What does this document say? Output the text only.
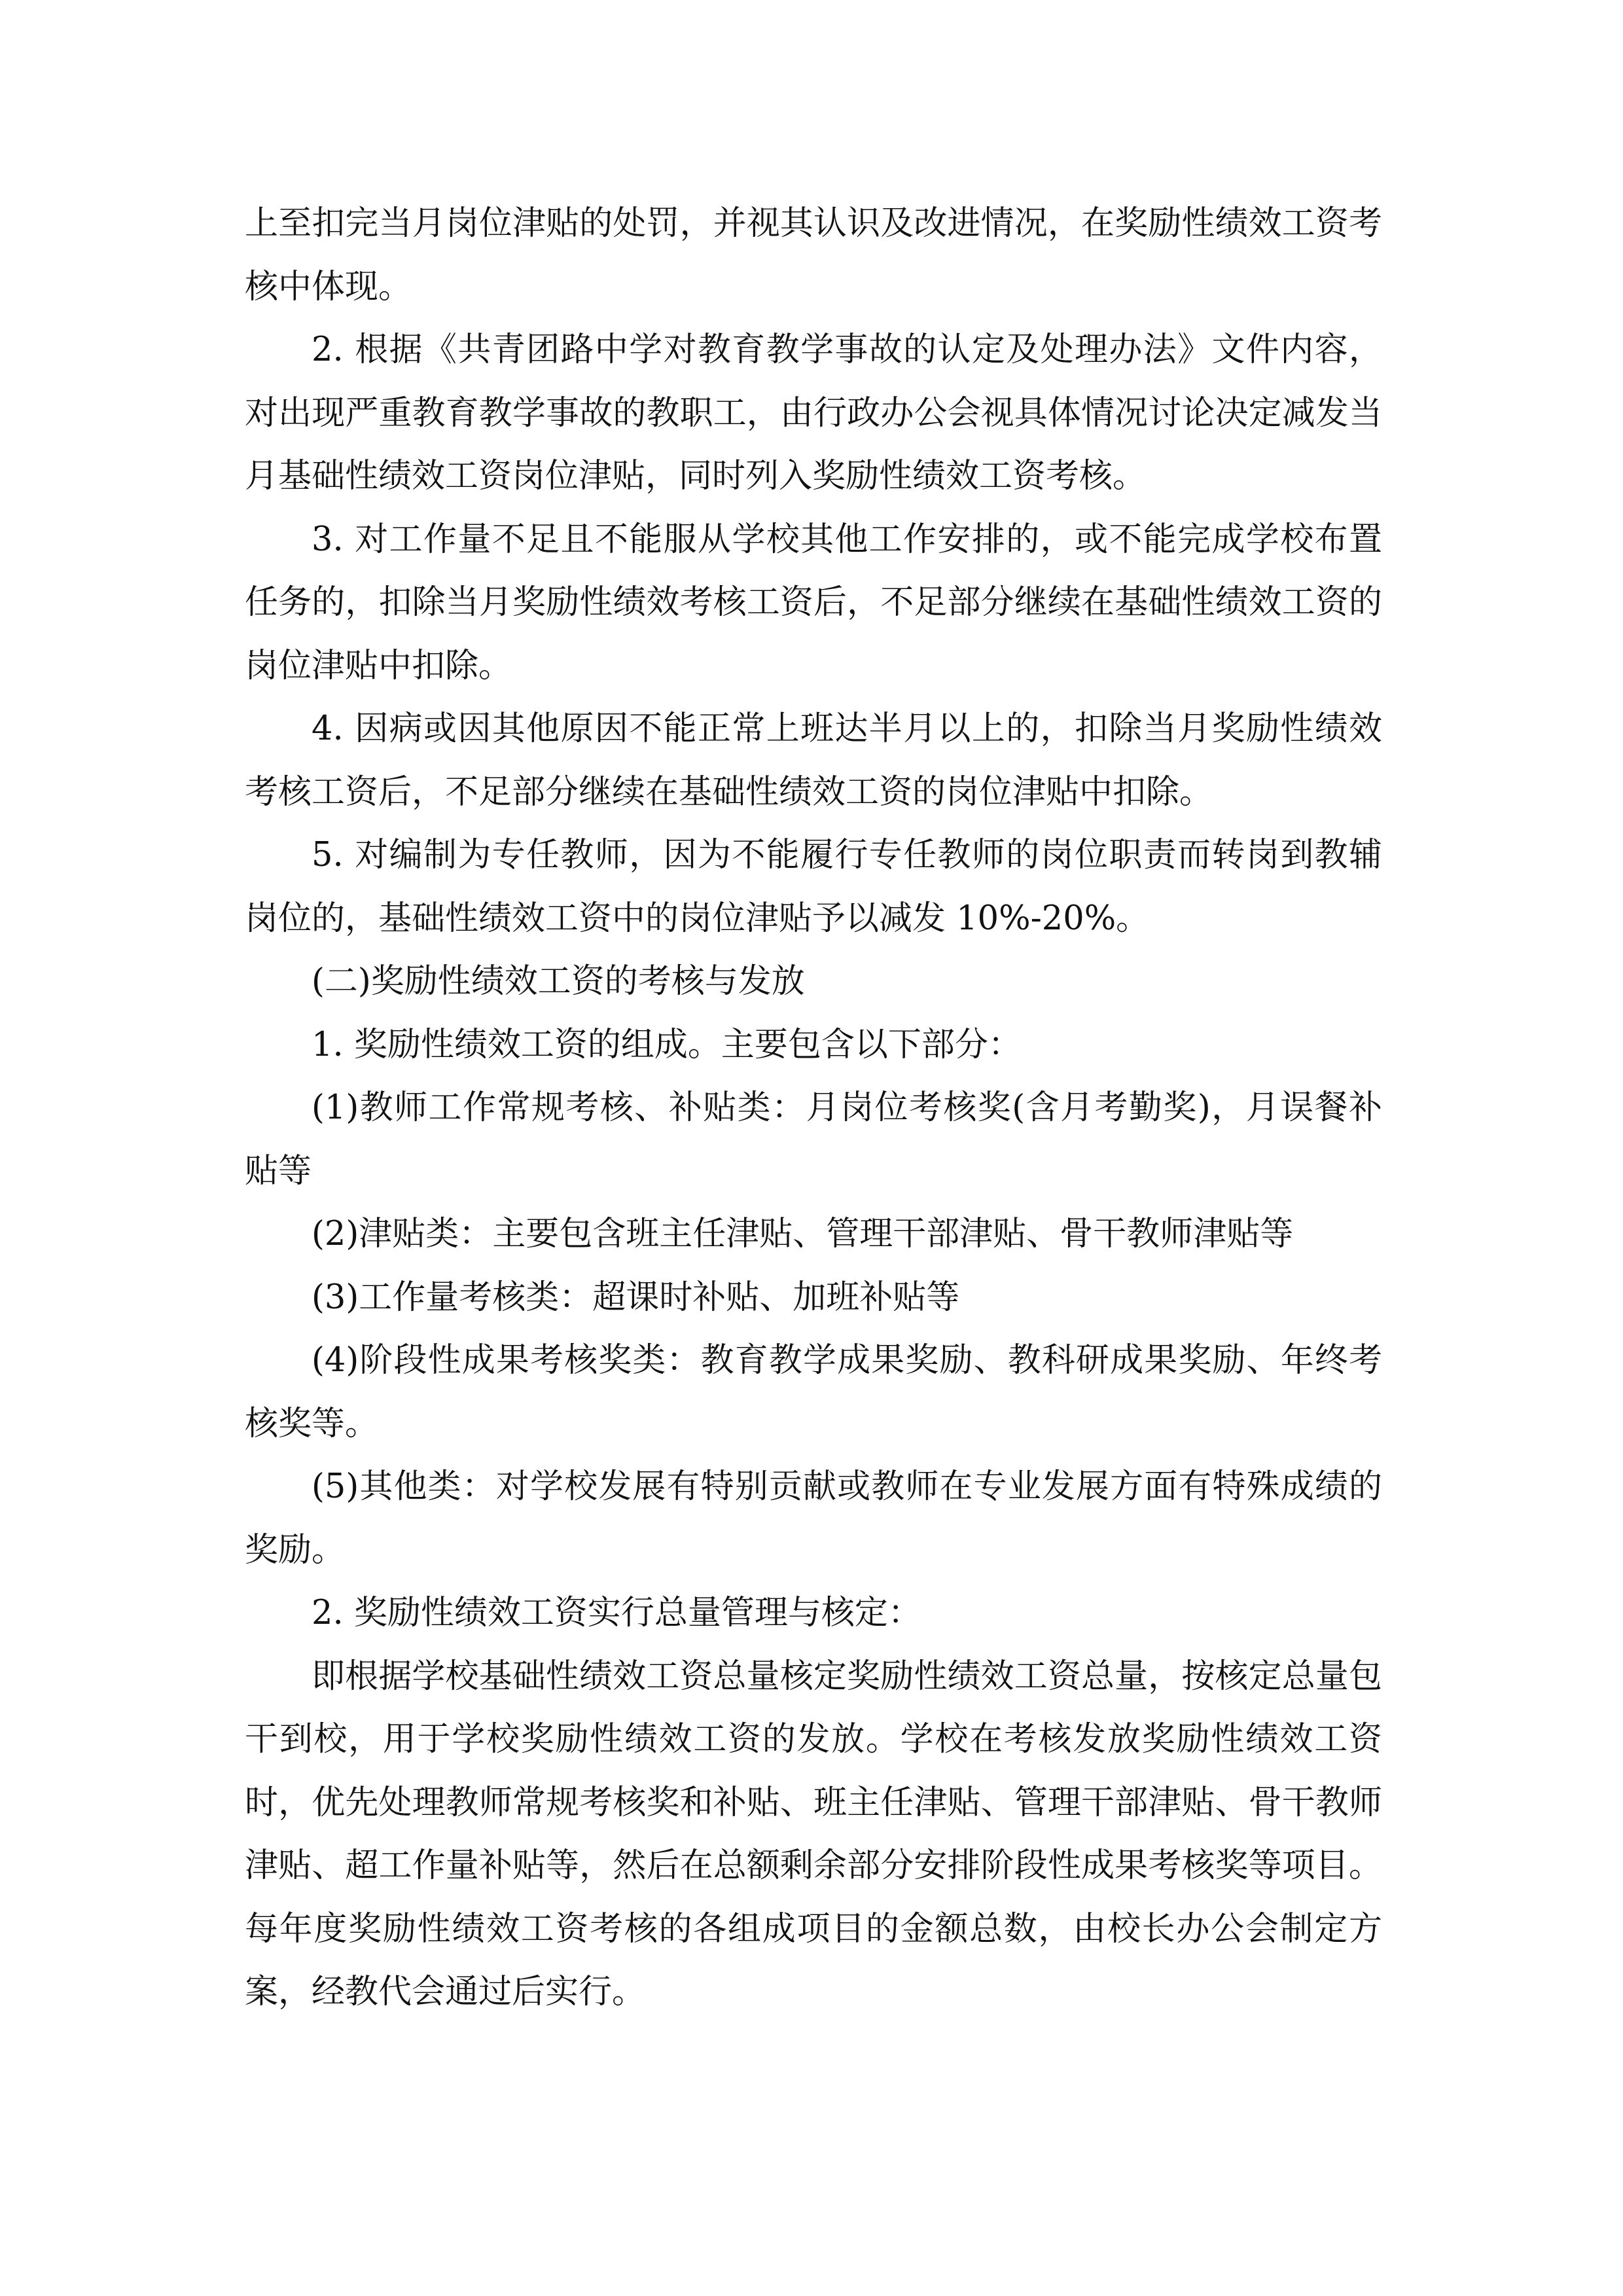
上至扣完当月岗位津贴的处罚，并视其认识及改进情况，在奖励性绩效工资考核中体现。

2. 根据《共青团路中学对教育教学事故的认定及处理办法》文件内容，对出现严重教育教学事故的教职工，由行政办公会视具体情况讨论决定减发当月基础性绩效工资岗位津贴，同时列入奖励性绩效工资考核。

3. 对工作量不足且不能服从学校其他工作安排的，或不能完成学校布置任务的，扣除当月奖励性绩效考核工资后，不足部分继续在基础性绩效工资的岗位津贴中扣除。

4. 因病或因其他原因不能正常上班达半月以上的，扣除当月奖励性绩效考核工资后，不足部分继续在基础性绩效工资的岗位津贴中扣除。

5. 对编制为专任教师，因为不能履行专任教师的岗位职责而转岗到教辅岗位的，基础性绩效工资中的岗位津贴予以减发 10%-20%。

(二)奖励性绩效工资的考核与发放

1. 奖励性绩效工资的组成。主要包含以下部分：

(1)教师工作常规考核、补贴类：月岗位考核奖(含月考勤奖)，月误餐补贴等

(2)津贴类：主要包含班主任津贴、管理干部津贴、骨干教师津贴等

(3)工作量考核类：超课时补贴、加班补贴等

(4)阶段性成果考核奖类：教育教学成果奖励、教科研成果奖励、年终考核奖等。

(5)其他类：对学校发展有特别贡献或教师在专业发展方面有特殊成绩的奖励。

2. 奖励性绩效工资实行总量管理与核定：

即根据学校基础性绩效工资总量核定奖励性绩效工资总量，按核定总量包干到校，用于学校奖励性绩效工资的发放。学校在考核发放奖励性绩效工资时，优先处理教师常规考核奖和补贴、班主任津贴、管理干部津贴、骨干教师津贴、超工作量补贴等，然后在总额剩余部分安排阶段性成果考核奖等项目。每年度奖励性绩效工资考核的各组成项目的金额总数，由校长办公会制定方案，经教代会通过后实行。
